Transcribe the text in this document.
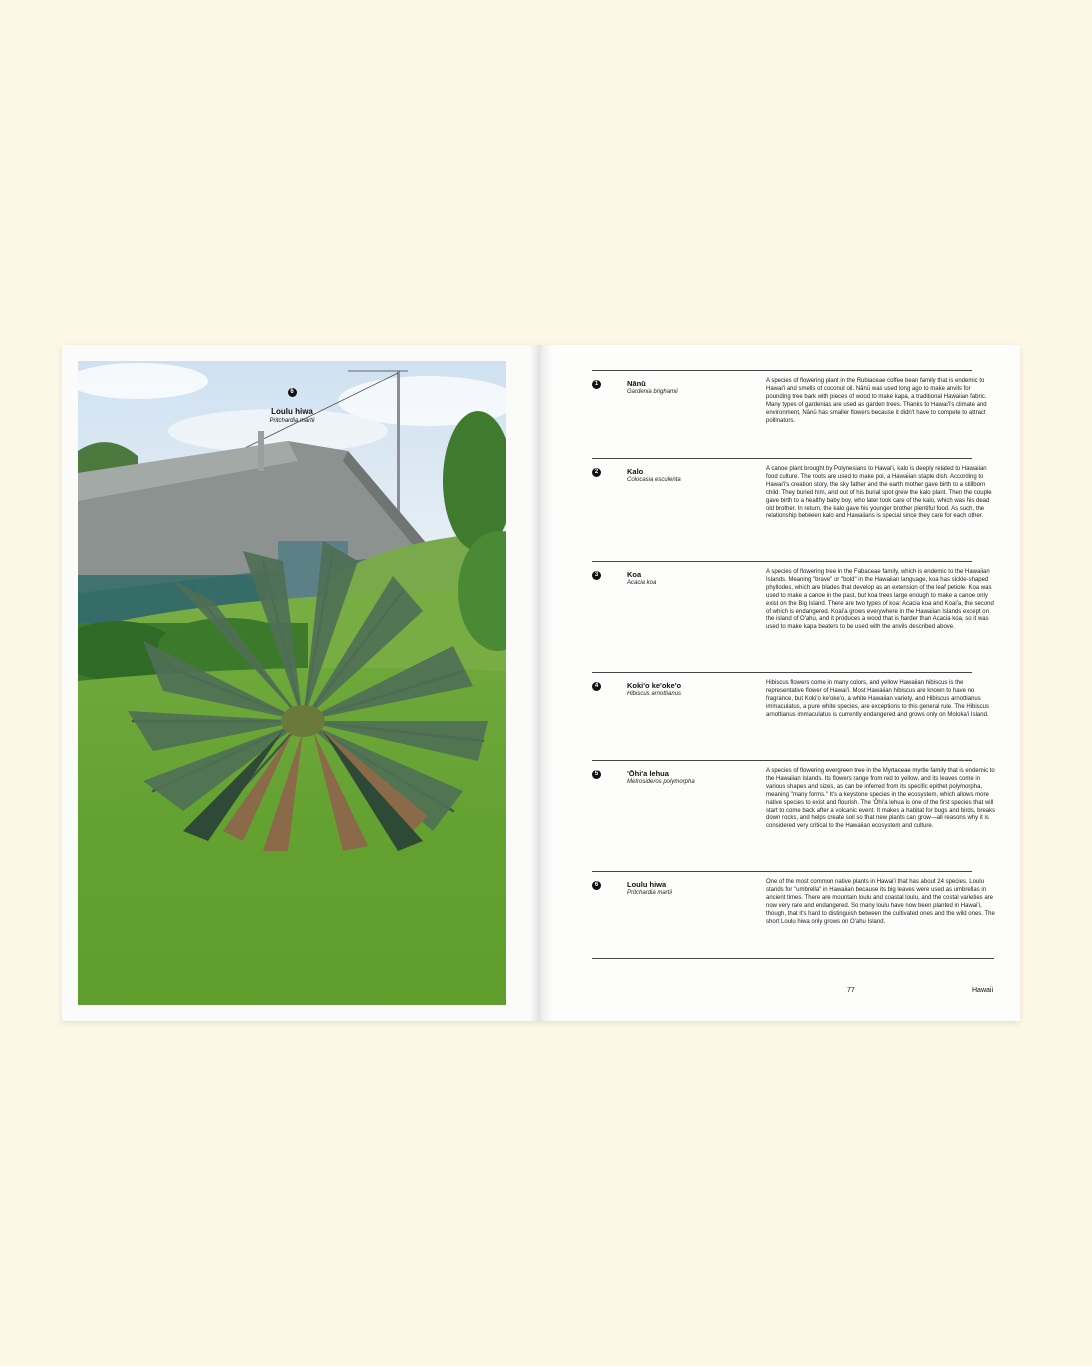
6
Loulu hiwa
Pritchardia martii
1	Nānū
Gardenia brighamii
A species of flowering plant in the Rubiaceae coffee bean family that is endemic to Hawai'i and smells of coconut oil. Nānū was used long ago to make anvils for pounding tree bark with pieces of wood to make kapa, a traditional Hawaiian fabric. Many types of gardenias are used as garden trees. Thanks to Hawai'i's climate and environment, Nānū has smaller flowers because it didn't have to compete to attract pollinators.
2	Kalo
Colocasia esculenta
A canoe plant brought by Polynesians to Hawai'i, kalo is deeply related to Hawaiian food culture. The roots are used to make poi, a Hawaiian staple dish. According to Hawai'i's creation story, the sky father and the earth mother gave birth to a stillborn child. They buried him, and out of his burial spot grew the kalo plant. Then the couple gave birth to a healthy baby boy, who later took care of the kalo, which was his dead old brother. In return, the kalo gave his younger brother plentiful food. As such, the relationship between kalo and Hawaiians is special since they care for each other.
3	Koa
Acacia koa
A species of flowering tree in the Fabaceae family, which is endemic to the Hawaiian Islands. Meaning "brave" or "bold" in the Hawaiian language, koa has sickle-shaped phyllodes, which are blades that develop as an extension of the leaf petiole. Koa was used to make a canoe in the past, but koa trees large enough to make a canoe only exist on the Big Island. There are two types of koa: Acacia koa and Koai'a, the second of which is endangered. Koai'a grows everywhere in the Hawaiian Islands except on the island of O'ahu, and it produces a wood that is harder than Acacia koa, so it was used to make kapa beaters to be used with the anvils described above.
4	Koki'o ke'oke'o
Hibiscus arnottianus
Hibiscus flowers come in many colors, and yellow Hawaiian hibiscus is the representative flower of Hawai'i. Most Hawaiian hibiscus are known to have no fragrance, but Koki'o ke'oke'o, a white Hawaiian variety, and Hibiscus arnottianus immaculatus, a pure white species, are exceptions to this general rule. The Hibiscus arnottianus immaculatus is currently endangered and grows only on Moloka'i Island.
5	'Ōhi'a lehua
Metrosideros polymorpha
A species of flowering evergreen tree in the Myrtaceae myrtle family that is endemic to the Hawaiian Islands. Its flowers range from red to yellow, and its leaves come in various shapes and sizes, as can be inferred from its specific epithet polymorpha, meaning "many forms." It's a keystone species in the ecosystem, which allows more native species to exist and flourish. The 'Ōhi'a lehua is one of the first species that will start to come back after a volcanic event. It makes a habitat for bugs and birds, breaks down rocks, and helps create soil so that new plants can grow—all reasons why it is considered very critical to the Hawaiian ecosystem and culture.
6	Loulu hiwa
Pritchardia martii
One of the most common native plants in Hawai'i that has about 24 species. Loulu stands for "umbrella" in Hawaiian because its big leaves were used as umbrellas in ancient times. There are mountain loulu and coastal loulu, and the costal varieties are now very rare and endangered. So many loulu have now been planted in Hawai'i, though, that it's hard to distinguish between the cultivated ones and the wild ones. The short Loulu hiwa only grows on O'ahu Island.
77	Hawaii
